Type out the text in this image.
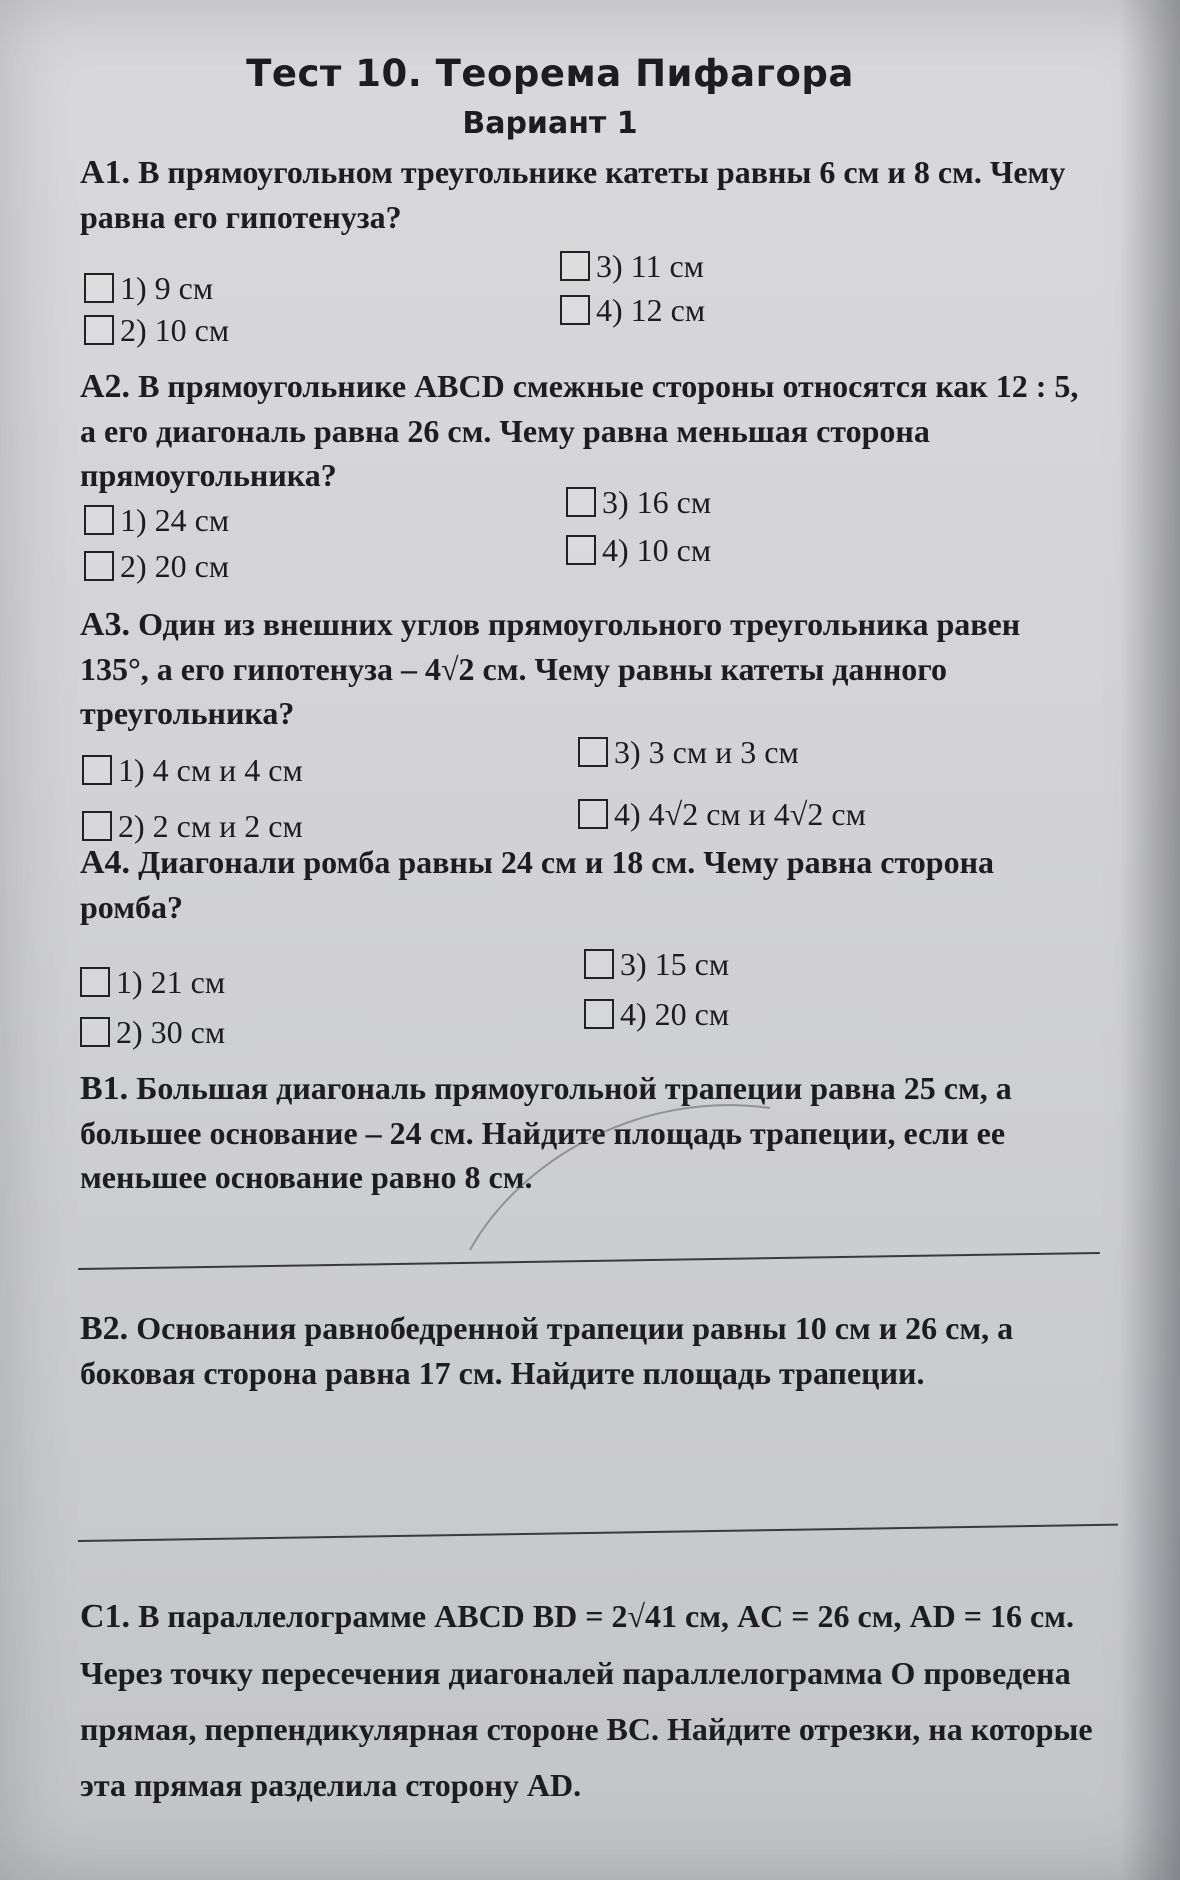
Тест 10. Теорема Пифагора
Вариант 1
А1. В прямоугольном треугольнике катеты равны 6 см и 8 см. Чему равна его гипотенуза?
1) 9 см
2) 10 см
3) 11 см
4) 12 см
А2. В прямоугольнике ABCD смежные стороны относятся как 12 : 5, а его диагональ равна 26 см. Чему равна меньшая сторона прямоугольника?
1) 24 см
2) 20 см
3) 16 см
4) 10 см
А3. Один из внешних углов прямоугольного треугольника равен 135°, а его гипотенуза – 4√2 см. Чему равны катеты данного треугольника?
1) 4 см и 4 см
2) 2 см и 2 см
3) 3 см и 3 см
4) 4√2 см и 4√2 см
А4. Диагонали ромба равны 24 см и 18 см. Чему равна сторона ромба?
1) 21 см
2) 30 см
3) 15 см
4) 20 см
В1. Большая диагональ прямоугольной трапеции равна 25 см, а большее основание – 24 см. Найдите площадь трапеции, если ее меньшее основание равно 8 см.
В2. Основания равнобедренной трапеции равны 10 см и 26 см, а боковая сторона равна 17 см. Найдите площадь трапеции.
С1. В параллелограмме ABCD BD = 2√41 см, AC = 26 см, AD = 16 см. Через точку пересечения диагоналей параллелограмма O проведена прямая, перпендикулярная стороне BC. Найдите отрезки, на которые эта прямая разделила сторону AD.
